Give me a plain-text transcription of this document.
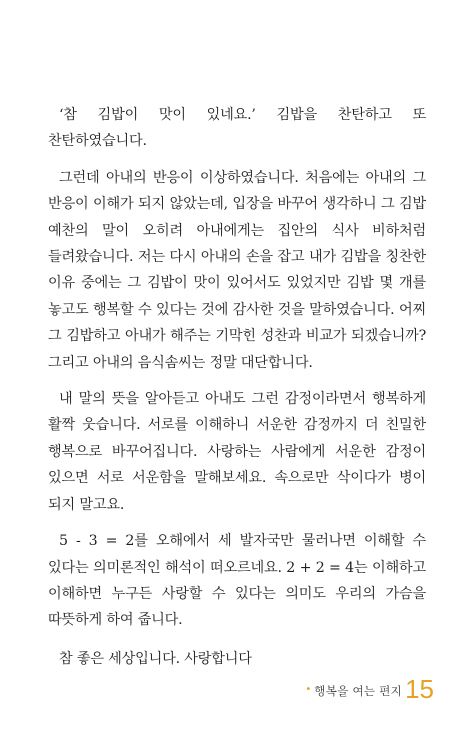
‘참 김밥이 맛이 있네요.’ 김밥을 찬탄하고 또 찬탄하였습니다.

그런데 아내의 반응이 이상하였습니다. 처음에는 아내의 그 반응이 이해가 되지 않았는데, 입장을 바꾸어 생각하니 그 김밥 예찬의 말이 오히려 아내에게는 집안의 식사 비하처럼 들려왔습니다. 저는 다시 아내의 손을 잡고 내가 김밥을 칭찬한 이유 중에는 그 김밥이 맛이 있어서도 있었지만 김밥 몇 개를 놓고도 행복할 수 있다는 것에 감사한 것을 말하였습니다. 어찌 그 김밥하고 아내가 해주는 기막힌 성찬과 비교가 되겠습니까? 그리고 아내의 음식솜씨는 정말 대단합니다.

내 말의 뜻을 알아듣고 아내도 그런 감정이라면서 행복하게 활짝 웃습니다. 서로를 이해하니 서운한 감정까지 더 친밀한 행복으로 바꾸어집니다. 사랑하는 사람에게 서운한 감정이 있으면 서로 서운함을 말해보세요. 속으로만 삭이다가 병이 되지 말고요.

5 - 3 = 2를 오해에서 세 발자국만 물러나면 이해할 수 있다는 의미론적인 해석이 떠오르네요. 2 + 2 = 4는 이해하고 이해하면 누구든 사랑할 수 있다는 의미도 우리의 가슴을 따뜻하게 하여 줍니다.

참 좋은 세상입니다. 사랑합니다

• 행복을 여는 편지 15
